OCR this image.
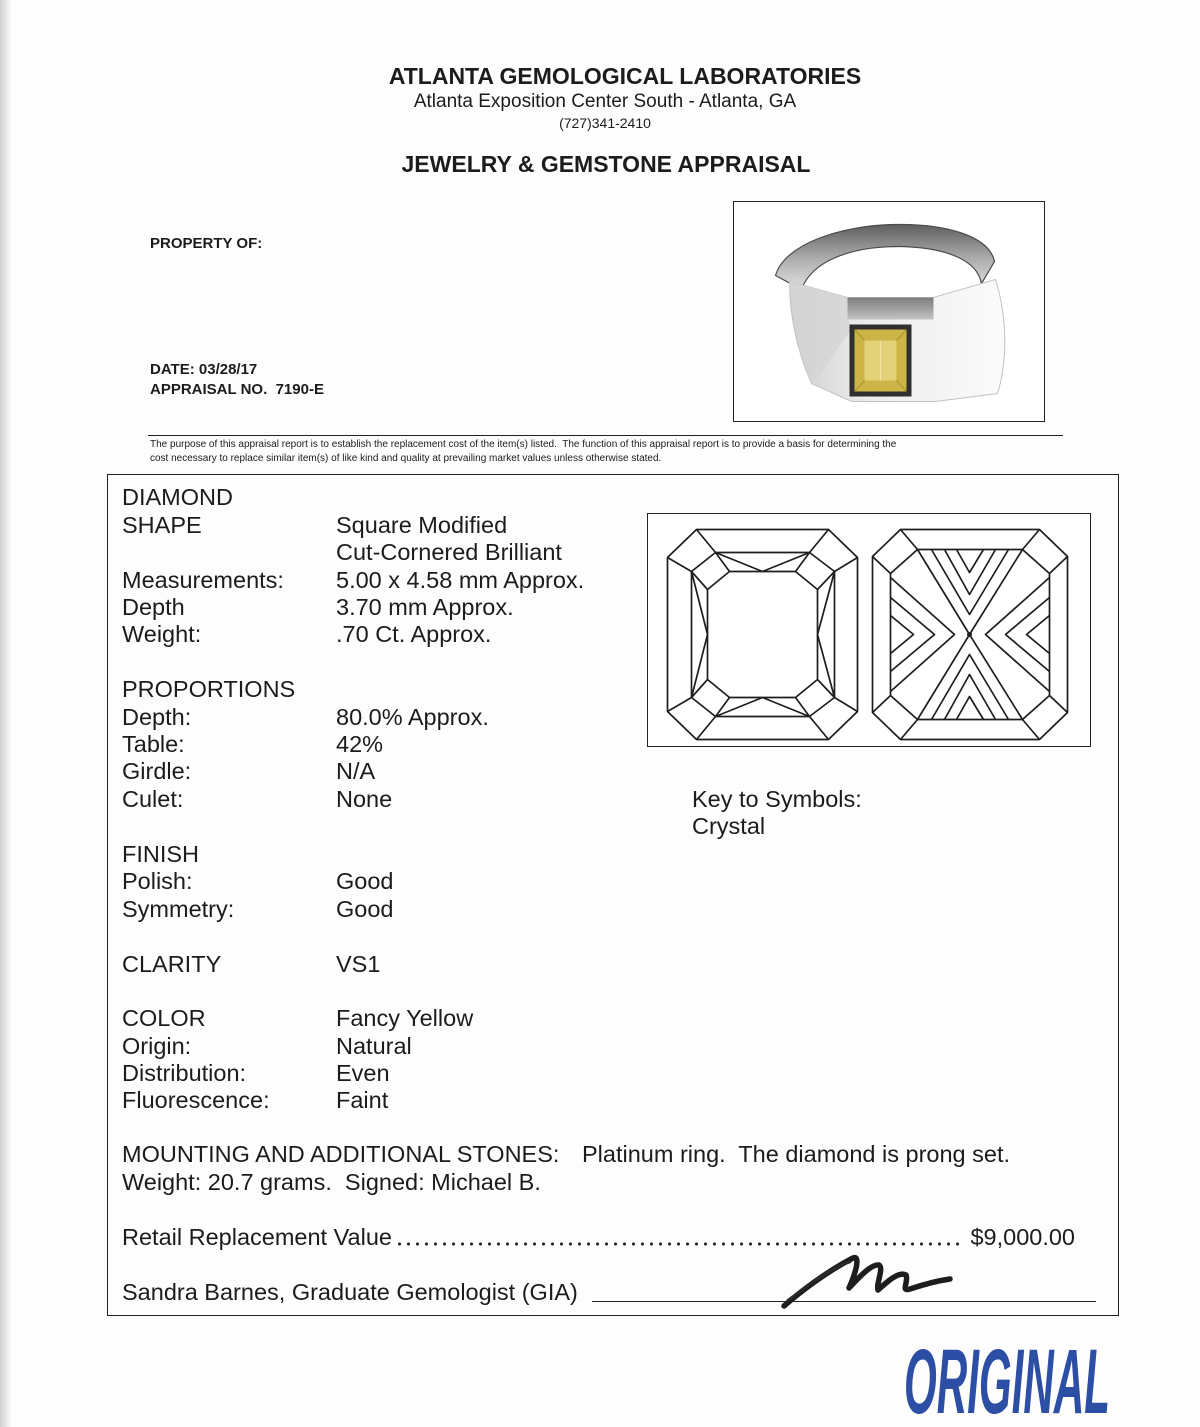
ATLANTA GEMOLOGICAL LABORATORIES
Atlanta Exposition Center South - Atlanta, GA
(727)341-2410
JEWELRY & GEMSTONE APPRAISAL
PROPERTY OF:
DATE: 03/28/17
APPRAISAL NO. 7190-E
The purpose of this appraisal report is to establish the replacement cost of the item(s) listed.  The function of this appraisal report is to provide a basis for determining the
cost necessary to replace similar item(s) of like kind and quality at prevailing market values unless otherwise stated.
DIAMOND
SHAPE	Square Modified
Cut-Cornered Brilliant
Measurements: 5.00 x 4.58 mm Approx.
Depth	3.70 mm Approx.
Weight:	.70 Ct. Approx.
PROPORTIONS
Depth:	80.0% Approx.
Table:	42%
Girdle:	N/A
Culet:	None
FINISH
Polish:	Good
Symmetry:	Good
CLARITY	VS1
COLOR	Fancy Yellow
Origin:	Natural
Distribution:	Even
Fluorescence:	Faint
Key to Symbols:
Crystal
MOUNTING AND ADDITIONAL STONES: Platinum ring.  The diamond is prong set.
Weight: 20.7 grams.  Signed: Michael B.
Retail Replacement Value	$9,000.00
Sandra Barnes, Graduate Gemologist (GIA)
ORIGINAL
